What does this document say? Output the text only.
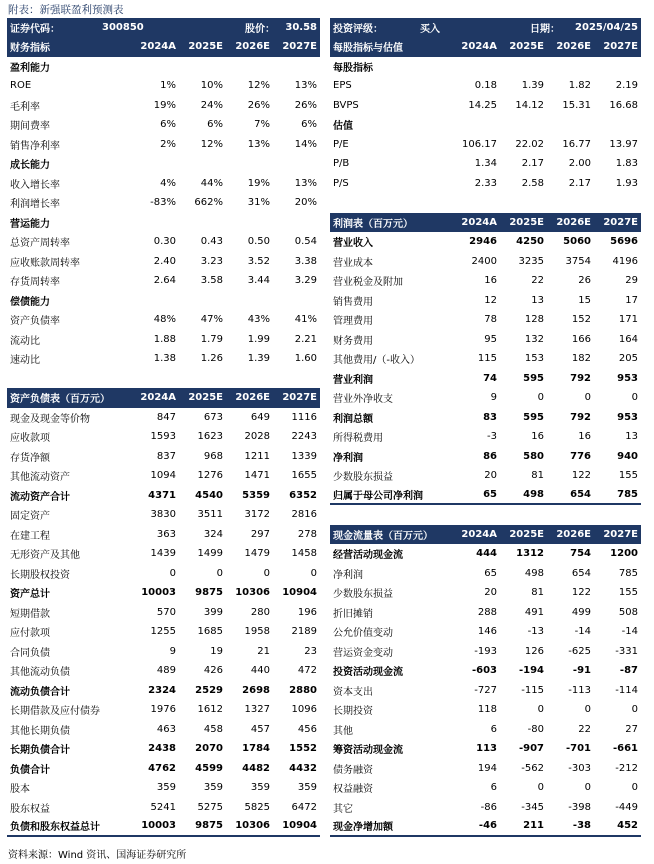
附表：新强联盈利预测表
证券代码：	300850	股价：	30.58
财务指标	2024A	2025E	2026E	2027E
盈利能力
ROE	1%	10%	12%	13%
毛利率	19%	24%	26%	26%
期间费率	6%	6%	7%	6%
销售净利率	2%	12%	13%	14%
成长能力
收入增长率	4%	44%	19%	13%
利润增长率	-83%	662%	31%	20%
营运能力
总资产周转率	0.30	0.43	0.50	0.54
应收账款周转率	2.40	3.23	3.52	3.38
存货周转率	2.64	3.58	3.44	3.29
偿债能力
资产负债率	48%	47%	43%	41%
流动比	1.88	1.79	1.99	2.21
速动比	1.38	1.26	1.39	1.60
资产负债表（百万元）	2024A	2025E	2026E	2027E
现金及现金等价物	847	673	649	1116
应收款项	1593	1623	2028	2243
存货净额	837	968	1211	1339
其他流动资产	1094	1276	1471	1655
流动资产合计	4371	4540	5359	6352
固定资产	3830	3511	3172	2816
在建工程	363	324	297	278
无形资产及其他	1439	1499	1479	1458
长期股权投资	0	0	0	0
资产总计	10003	9875	10306	10904
短期借款	570	399	280	196
应付款项	1255	1685	1958	2189
合同负债	9	19	21	23
其他流动负债	489	426	440	472
流动负债合计	2324	2529	2698	2880
长期借款及应付债券	1976	1612	1327	1096
其他长期负债	463	458	457	456
长期负债合计	2438	2070	1784	1552
负债合计	4762	4599	4482	4432
股本	359	359	359	359
股东权益	5241	5275	5825	6472
负债和股东权益总计	10003	9875	10306	10904
投资评级：	买入	日期：	2025/04/25
每股指标与估值	2024A	2025E	2026E	2027E
每股指标
EPS	0.18	1.39	1.82	2.19
BVPS	14.25	14.12	15.31	16.68
估值
P/E	106.17	22.02	16.77	13.97
P/B	1.34	2.17	2.00	1.83
P/S	2.33	2.58	2.17	1.93
利润表（百万元）	2024A	2025E	2026E	2027E
营业收入	2946	4250	5060	5696
营业成本	2400	3235	3754	4196
营业税金及附加	16	22	26	29
销售费用	12	13	15	17
管理费用	78	128	152	171
财务费用	95	132	166	164
其他费用/（-收入）	115	153	182	205
营业利润	74	595	792	953
营业外净收支	9	0	0	0
利润总额	83	595	792	953
所得税费用	-3	16	16	13
净利润	86	580	776	940
少数股东损益	20	81	122	155
归属于母公司净利润	65	498	654	785
现金流量表（百万元）	2024A	2025E	2026E	2027E
经营活动现金流	444	1312	754	1200
净利润	65	498	654	785
少数股东损益	20	81	122	155
折旧摊销	288	491	499	508
公允价值变动	146	-13	-14	-14
营运资金变动	-193	126	-625	-331
投资活动现金流	-603	-194	-91	-87
资本支出	-727	-115	-113	-114
长期投资	118	0	0	0
其他	6	-80	22	27
筹资活动现金流	113	-907	-701	-661
债务融资	194	-562	-303	-212
权益融资	6	0	0	0
其它	-86	-345	-398	-449
现金净增加额	-46	211	-38	452
资料来源：Wind 资讯、国海证券研究所
